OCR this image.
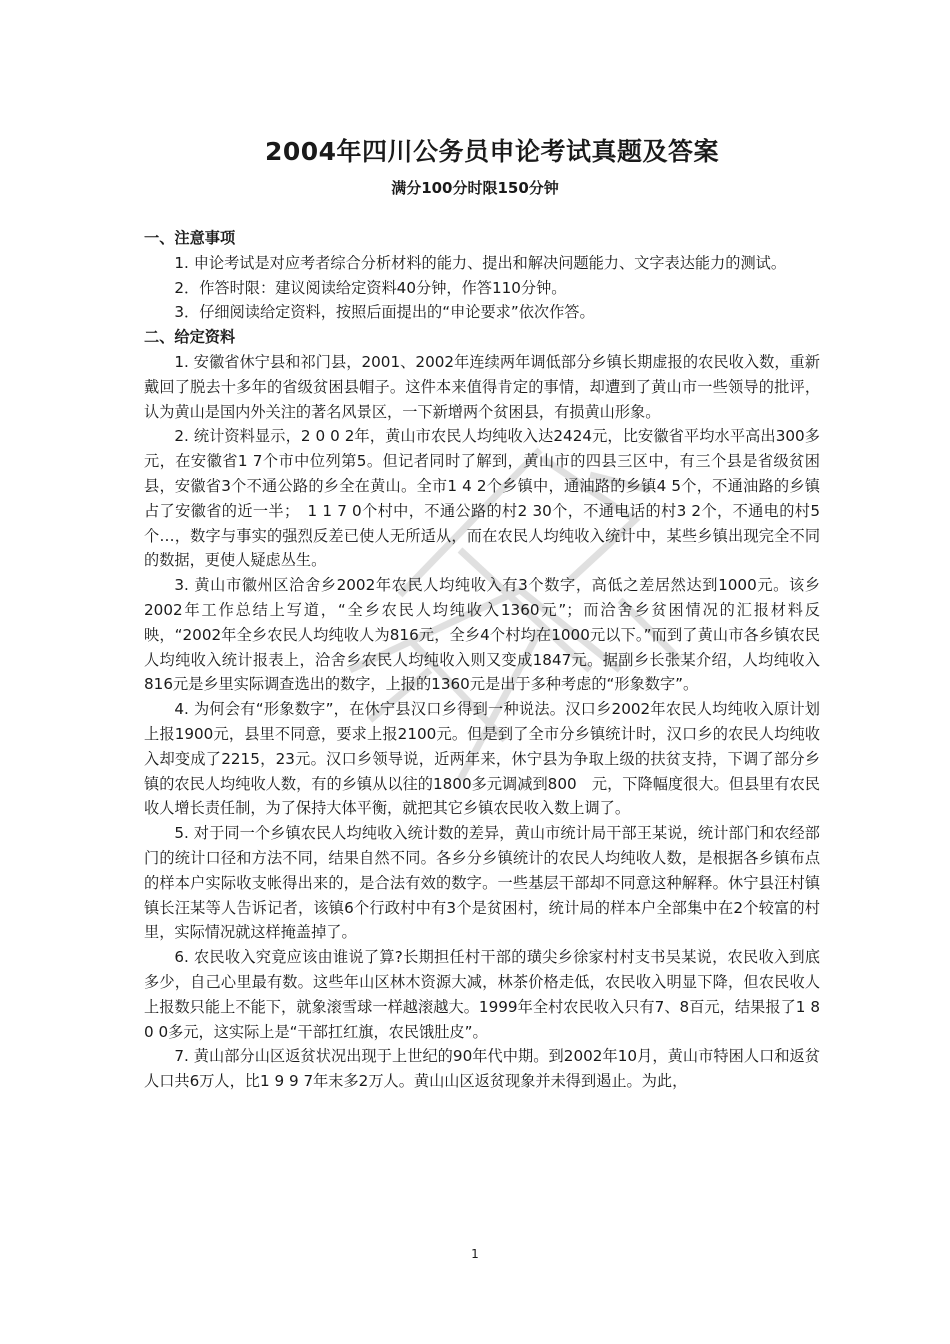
2004年四川公务员申论考试真题及答案
满分100分时限150分钟

一、注意事项

1. 申论考试是对应考者综合分析材料的能力、提出和解决问题能力、文字表达能力的测试。

2．作答时限：建议阅读给定资料40分钟，作答110分钟。

3．仔细阅读给定资料，按照后面提出的“申论要求”依次作答。

二、给定资料

1. 安徽省休宁县和祁门县，2001、2002年连续两年调低部分乡镇长期虚报的农民收入数，重新戴回了脱去十多年的省级贫困县帽子。这件本来值得肯定的事情，却遭到了黄山市一些领导的批评，认为黄山是国内外关注的著名风景区，一下新增两个贫困县，有损黄山形象。

2. 统计资料显示，2 0 0 2年，黄山市农民人均纯收入达2424元，比安徽省平均水平高出300多元，在安徽省1 7个市中位列第5。但记者同时了解到，黄山市的四县三区中，有三个县是省级贫困县，安徽省3个不通公路的乡全在黄山。全市1 4 2个乡镇中，通油路的乡镇4 5个，不通油路的乡镇占了安徽省的近一半；　1 1 7 0个村中，不通公路的村2 30个，不通电话的村3 2个，不通电的村5个…，数字与事实的强烈反差已使人无所适从，而在农民人均纯收入统计中，某些乡镇出现完全不同的数据，更使人疑虑丛生。

3. 黄山市徽州区洽舍乡2002年农民人均纯收入有3个数字，高低之差居然达到1000元。该乡2002年工作总结上写道，“全乡农民人均纯收入1360元”；而洽舍乡贫困情况的汇报材料反映，“2002年全乡农民人均纯收人为816元，全乡4个村均在1000元以下。”而到了黄山市各乡镇农民人均纯收入统计报表上，洽舍乡农民人均纯收入则又变成1847元。据副乡长张某介绍，人均纯收入816元是乡里实际调查选出的数字，上报的1360元是出于多种考虑的“形象数字”。

4. 为何会有“形象数字”，在休宁县汉口乡得到一种说法。汉口乡2002年农民人均纯收入原计划上报1900元，县里不同意，要求上报2100元。但是到了全市分乡镇统计时，汉口乡的农民人均纯收入却变成了2215，23元。汉口乡领导说，近两年来，休宁县为争取上级的扶贫支持，下调了部分乡镇的农民人均纯收人数，有的乡镇从以往的1800多元调减到800　元，下降幅度很大。但县里有农民收人增长责任制，为了保持大体平衡，就把其它乡镇农民收入数上调了。

5. 对于同一个乡镇农民人均纯收入统计数的差异，黄山市统计局干部王某说，统计部门和农经部门的统计口径和方法不同，结果自然不同。各乡分乡镇统计的农民人均纯收人数，是根据各乡镇布点的样本户实际收支帐得出来的，是合法有效的数字。一些基层干部却不同意这种解释。休宁县汪村镇镇长汪某等人告诉记者，该镇6个行政村中有3个是贫困村，统计局的样本户全部集中在2个较富的村里，实际情况就这样掩盖掉了。

6. 农民收入究竟应该由谁说了算?长期担任村干部的璜尖乡徐家村村支书吴某说，农民收入到底多少，自己心里最有数。这些年山区林木资源大减，林茶价格走低，农民收入明显下降，但农民收人上报数只能上不能下，就象滚雪球一样越滚越大。1999年全村农民收入只有7、8百元，结果报了1 8 0 0多元，这实际上是“干部扛红旗，农民饿肚皮”。

7. 黄山部分山区返贫状况出现于上世纪的90年代中期。到2002年10月，黄山市特困人口和返贫人口共6万人，比1 9 9 7年末多2万人。黄山山区返贫现象并未得到遏止。为此，

1
